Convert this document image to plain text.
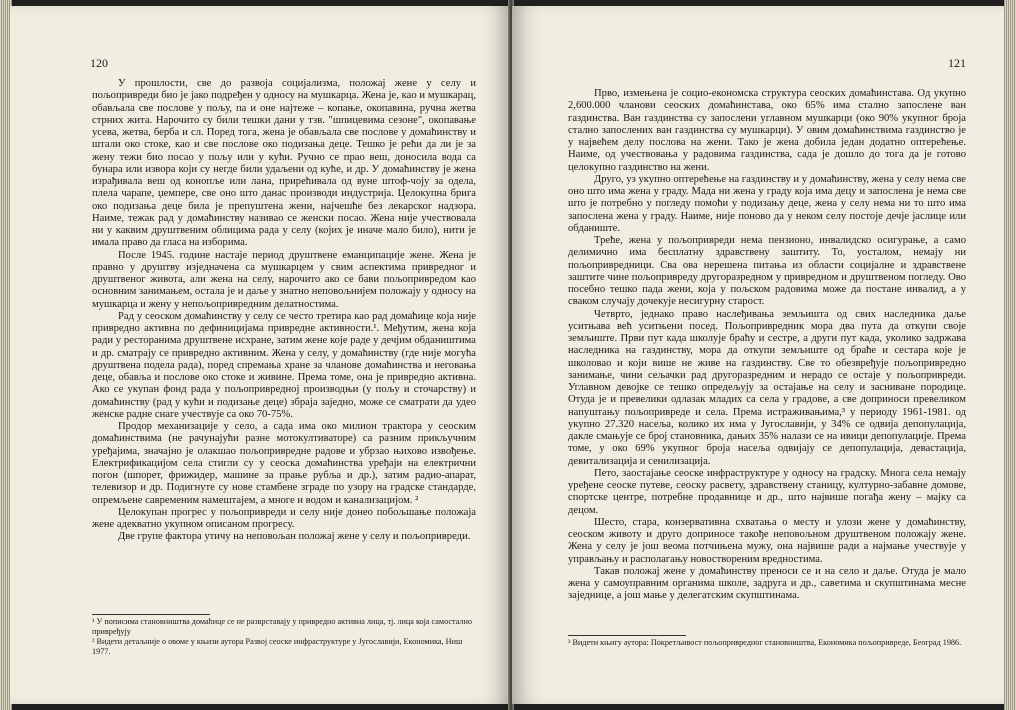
120

У прошлости, све до развоја социјализма, положај жене у селу и пољопривреди био је јако подређен у односу на мушкарца. Жена је, као и мушкарац, обављала све послове у пољу, па и оне најтеже – копање, окопавина, ручна жетва стрних жита. Нарочито су били тешки дани у тзв. "шпицевима сезоне", окопавање усева, жетва, берба и сл. Поред тога, жена је обављала све послове у домаћинству и штали око стоке, као и све послове око подизања деце. Тешко је рећи да ли је за жену тежи био посао у пољу или у кући. Ручно се прао веш, доносила вода са бунара или извора који су негде били удаљени од куће, и др. У домаћинству је жена израђивала веш од конопље или лана, прирећивала од вуне штоф-чоју за одела, плела чарапе, џемпере, све оно што данас производи индустрија. Целокупна брига око подизања деце била је препуштена жени, најчешће без лекарског надзора. Наиме, тежак рад у домаћинству називао се женски посао. Жена није учествовала ни у каквим друштвеним облицима рада у селу (којих је иначе мало било), нити је имала право да гласа на изборима.

После 1945. године настаје период друштвене еманципације жене. Жена је правно у друштву изједначена са мушкарцем у свим аспектима привредног и друштвеног живота, али жена на селу, нарочито ако се бави пољопривредом као основним занимањем, остала је и даље у знатно неповољнијем положају у односу на мушкарца и жену у непољопривредним делатностима.

Рад у сеоском домаћинству у селу се често третира као рад домаћице која није привредно активна по дефиницијама привредне активности.¹. Међутим, жена која ради у ресторанима друштвене исхране, затим жене које раде у дечјим обдаништима и др. сматрају се привредно активним. Жена у селу, у домаћинству (где није могућа друштвена подела рада), поред спремања хране за чланове домаћинства и неговања деце, обавља и послове око стоке и живине. Према томе, она је привредно активна. Ако се укупан фонд рада у пољопривредној производњи (у пољу и сточарству) и домаћинству (рад у кући и подизање деце) збраја заједно, може се сматрати да удео женске радне снаге учествује са око 70-75%.

Продор механизације у село, а сада има око милион трактора у сеоским домаћинствима (не рачунајући разне мотокултиваторе) са разним прикључним уређајима, значајно је олакшао пољопривредне радове и убрзао њихово извођење. Електрификацијом села стигли су у сеоска домаћинства уређаји на електрични погон (шпорет, фрижидер, машине за прање рубља и др.), затим радио-апарат, телевизор и др. Подигнуте су нове стамбене зграде по узору на градске стандарде, опремљене савременим намештајем, а многе и водом и канализацијом. ²

Целокупан прогрес у пољопривреди и селу није донео побољшање положаја жене адекватно укупном описаном прогресу.

Две групе фактора утичу на неповољан положај жене у селу и пољопривреди.

¹ У пописима становништва домаћице се не разврставају у привредно активна лица, тј. лица која самостално привређују

² Видети детаљније о овоме у књизи аутора Развој сеоске инфраструктуре у Југославији, Економика, Ниш 1977.

121

Прво, измењена је социо-економска структура сеоских домаћинстава. Од укупно 2,600.000 чланови сеоских домаћинстава, око 65% има стално запослене ван газдинства. Ван газдинства су запослени углавном мушкарци (око 90% укупног броја стално запослених ван газдинства су мушкарци). У овим домаћинствима газдинство је у највећем делу послова на жени. Тако је жена добила један додатно оптерећење. Наиме, од учествовања у радовима газдинства, сада је дошло до тога да је готово целокупно газдинство на жени.

Друго, уз укупно оптерећење на газдинству и у домаћинству, жена у селу нема све оно што има жена у граду. Мада ни жена у граду која има децу и запослена је нема све што је потребно у погледу помоћи у подизању деце, жена у селу нема ни то што има запослена жена у граду. Наиме, није поново да у неком селу постоје дечје јаслице или обданиште.

Треће, жена у пољопривреди нема пензионо, инвалидско осигурање, а само делимично има бесплатну здравствену заштиту. То, уосталом, немају ни пољопривредници. Сва ова нерешена питања из области социјалне и здравствене заштите чине пољопривреду другоразредном у привредном и друштвеном погледу. Ово посебно тешко пада жени, која у пољском радовима може да постане инвалид, а у сваком случају дочекује несигурну старост.

Четврто, једнако право наслеђивања земљишта од свих наследника даље уситњава већ уситњени посед. Пољопривредник мора два пута да откупи своје земљиште. Први пут када школује браћу и сестре, а други пут када, уколико задржава наследника на газдинству, мора да откупи земљиште од браће и сестара које је школовао и који више не живе на газдинству. Све то обезвређује пољопривредно занимање, чини сељачки рад другоразредним и нерадо се остаје у пољопривреди. Углавном девојке се тешко опредељују за остајање на селу и засниване породице. Отуда је и превелики одлазак младих са села у градове, а све доприноси превеликом напуштању пољопривреде и села. Према истраживањима,³ у периоду 1961-1981. од укупно 27.320 насеља, колико их има у Југославији, у 34% се одвија депопулација, дакле смањује се број становника, дањих 35% налази се на ивици депопулације. Према томе, у око 69% укупног броја насеља одвијају се депопулација, девастација, девитализација и сенилизација.

Пето, заостајање сеоске инфраструктуре у односу на градску. Многа села немају уређене сеоске путеве, сеоску расвету, здравствену станицу, културно-забавне домове, спортске центре, потребне продавнице и др., што највише погађа жену – мајку са децом.

Шесто, стара, конзервативна схватања о месту и улози жене у домаћинству, сеоском животу и друго доприносе такође неповољном друштвеном положају жене. Жена у селу је још веома потчињена мужу, она највише ради а најмање учествује у управљању и располагању новоствореним вредностима.

Такав положај жене у домаћинству преноси се и на село и даље. Отуда је мало жена у самоуправним органима школе, задруга и др., саветима и скупштинама месне заједнице, а још мање у делегатским скупштинама.

³ Видети књигу аутора: Покретљивост пољопривредног становништва, Економика пољопривреде, Београд 1986.
